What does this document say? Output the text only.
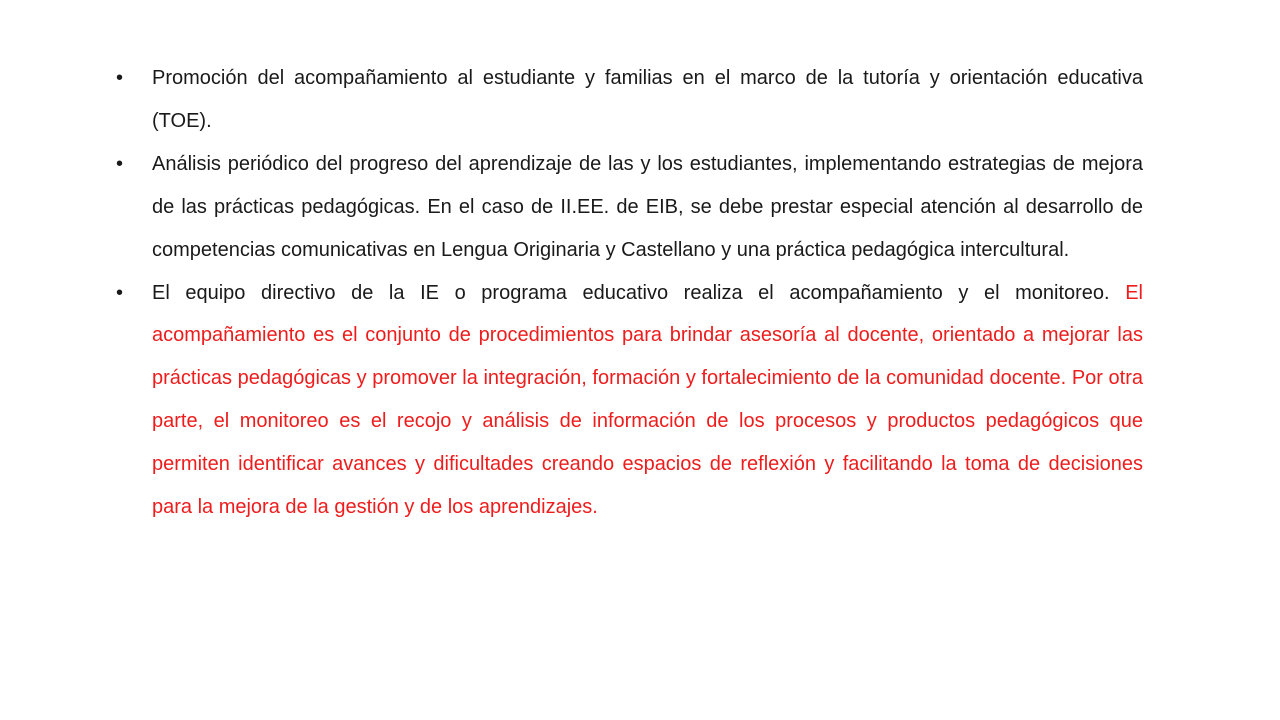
•	Promoción del acompañamiento al estudiante y familias en el marco de la tutoría y orientación educativa (TOE).
•	Análisis periódico del progreso del aprendizaje de las y los estudiantes, implementando estrategias de mejora de las prácticas pedagógicas. En el caso de II.EE. de EIB, se debe prestar especial atención al desarrollo de competencias comunicativas en Lengua Originaria y Castellano y una práctica pedagógica intercultural.
•	El equipo directivo de la IE o programa educativo realiza el acompañamiento y el monitoreo. El acompañamiento es el conjunto de procedimientos para brindar asesoría al docente, orientado a mejorar las prácticas pedagógicas y promover la integración, formación y fortalecimiento de la comunidad docente. Por otra parte, el monitoreo es el recojo y análisis de información de los procesos y productos pedagógicos que permiten identificar avances y dificultades creando espacios de reflexión y facilitando la toma de decisiones para la mejora de la gestión y de los aprendizajes.
